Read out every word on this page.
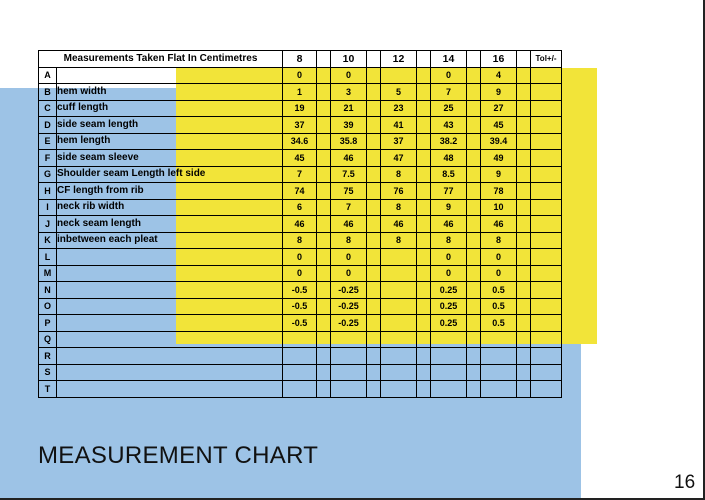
Measurements Taken Flat In Centimetres		8		10		12		14		16		Tol+/-
A		0		0				0		4		
B	hem width	1		3		5		7		9		
C	cuff length	19		21		23		25		27		
D	side seam length	37		39		41		43		45		
E	hem length	34.6		35.8		37		38.2		39.4		
F	side seam sleeve	45		46		47		48		49		
G	Shoulder seam Length left side	7		7.5		8		8.5		9		
H	CF length from rib	74		75		76		77		78		
I	neck rib width	6		7		8		9		10		
J	neck seam length	46		46		46		46		46		
K	inbetween each pleat	8		8		8		8		8		
L		0		0				0		0		
M		0		0				0		0		
N		-0.5		-0.25				0.25		0.5		
O		-0.5		-0.25				0.25		0.5		
P		-0.5		-0.25				0.25		0.5		
Q												
R												
S												
T												
MEASUREMENT CHART
16
